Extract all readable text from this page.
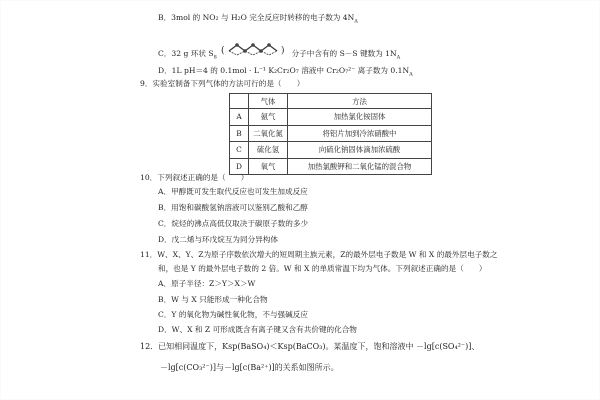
B．3mol 的 NO₂ 与 H₂O 完全反应时转移的电子数为 $4N_A$
C．32 g 环状 $S_8$
(	) 分子中含有的 S－S 键数为 $1N_A$
D．1L pH＝4 的 0.1mol · L⁻¹ K₂Cr₂O₇ 溶液中 Cr₂O₇²⁻ 离子数为 $0.1N_A$
9．实验室制备下列气体的方法可行的是（　　）
	气体	方法
A	氨气	加热氯化铵固体
B	二氧化氮	将铝片加到冷浓硝酸中
C	硫化氢	向硫化钠固体滴加浓硫酸
D	氧气	加热氯酸钾和二氧化锰的混合物
10．下列叙述正确的是（　　）
A．甲醇既可发生取代反应也可发生加成反应
B．用饱和碳酸氢钠溶液可以鉴别乙酸和乙醇
C．烷烃的沸点高低仅取决于碳原子数的多少
D．戊二烯与环戊烷互为同分异构体
11．W、X、Y、Z为原子序数依次增大的短周期主族元素，Z的最外层电子数是 W 和 X 的最外层电子数之
和，也是 Y 的最外层电子数的 2 倍。W 和 X 的单质常温下均为气体。下列叙述正确的是（　　）
A．原子半径：Z＞Y＞X＞W
B．W 与 X 只能形成一种化合物
C．Y 的氧化物为碱性氧化物，不与强碱反应
D．W、X 和 Z 可形成既含有离子键又含有共价键的化合物
12．已知相同温度下，Ksp(BaSO₄)＜Ksp(BaCO₃)。某温度下，饱和溶液中 －lg[c(SO₄²⁻)]、
－lg[c(CO₃²⁻)]与－lg[c(Ba²⁺)]的关系如图所示。
